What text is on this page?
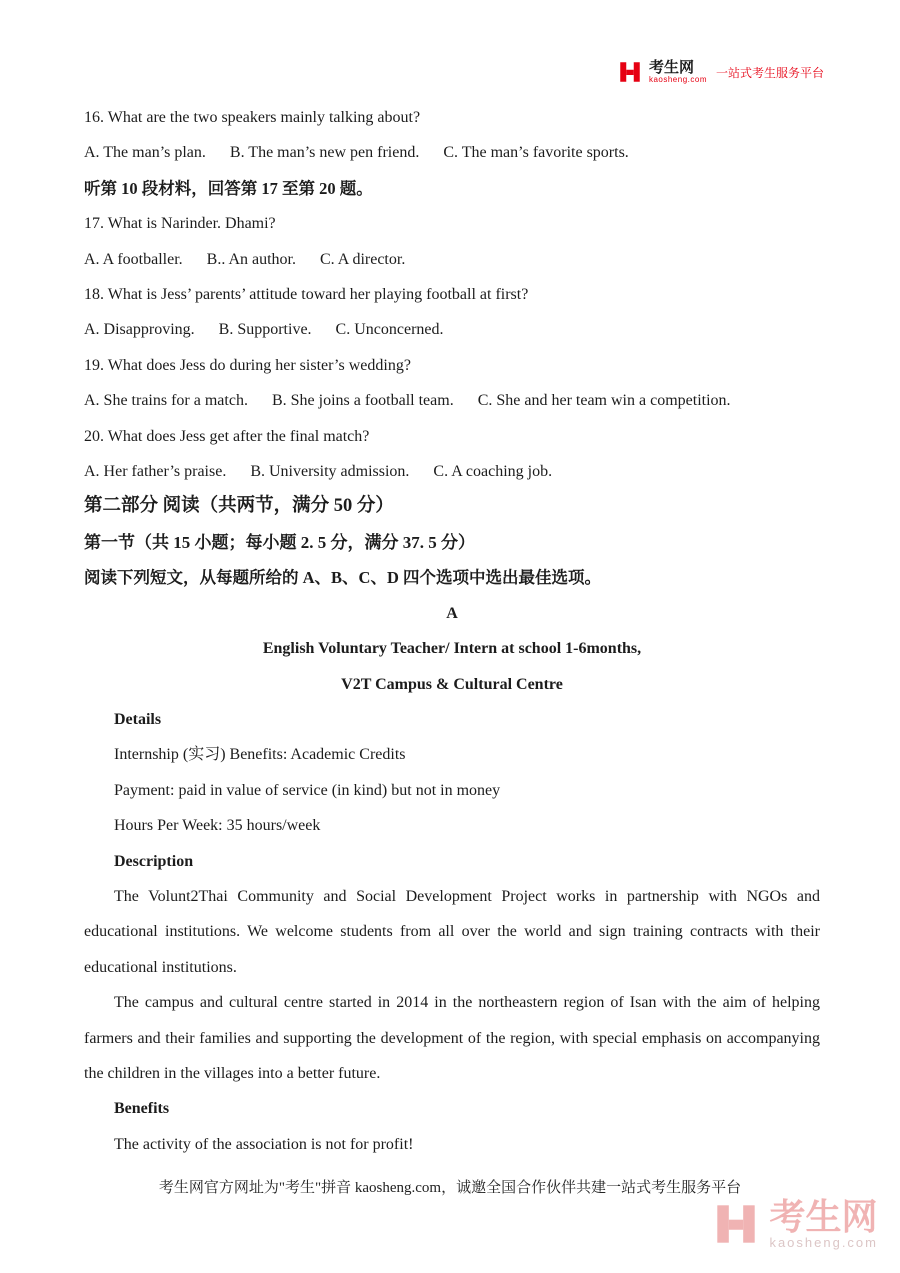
考生网
kaosheng.com 一站式考生服务平台

16. What are the two speakers mainly talking about?

A. The man’s plan.      B. The man’s new pen friend.      C. The man’s favorite sports.

听第 10 段材料，回答第 17 至第 20 题。

17. What is Narinder. Dhami?

A. A footballer.      B.. An author.      C. A director.

18. What is Jess’ parents’ attitude toward her playing football at first?

A. Disapproving.      B. Supportive.      C. Unconcerned.

19. What does Jess do during her sister’s wedding?

A. She trains for a match.      B. She joins a football team.      C. She and her team win a competition.

20. What does Jess get after the final match?

A. Her father’s praise.      B. University admission.      C. A coaching job.

第二部分 阅读（共两节，满分 50 分）

第一节（共 15 小题；每小题 2. 5 分，满分 37. 5 分）

阅读下列短文，从每题所给的 A、B、C、D 四个选项中选出最佳选项。

A

English Voluntary Teacher/ Intern at school 1-6months,

V2T Campus & Cultural Centre

Details

Internship (实习) Benefits: Academic Credits

Payment: paid in value of service (in kind) but not in money

Hours Per Week: 35 hours/week

Description

The Volunt2Thai Community and Social Development Project works in partnership with NGOs and educational institutions. We welcome students from all over the world and sign training contracts with their educational institutions.

The campus and cultural centre started in 2014 in the northeastern region of Isan with the aim of helping farmers and their families and supporting the development of the region, with special emphasis on accompanying the children in the villages into a better future.

Benefits

The activity of the association is not for profit!

考生网官方网址为"考生"拼音 kaosheng.com，诚邀全国合作伙伴共建一站式考生服务平台
考生网
kaosheng.com
